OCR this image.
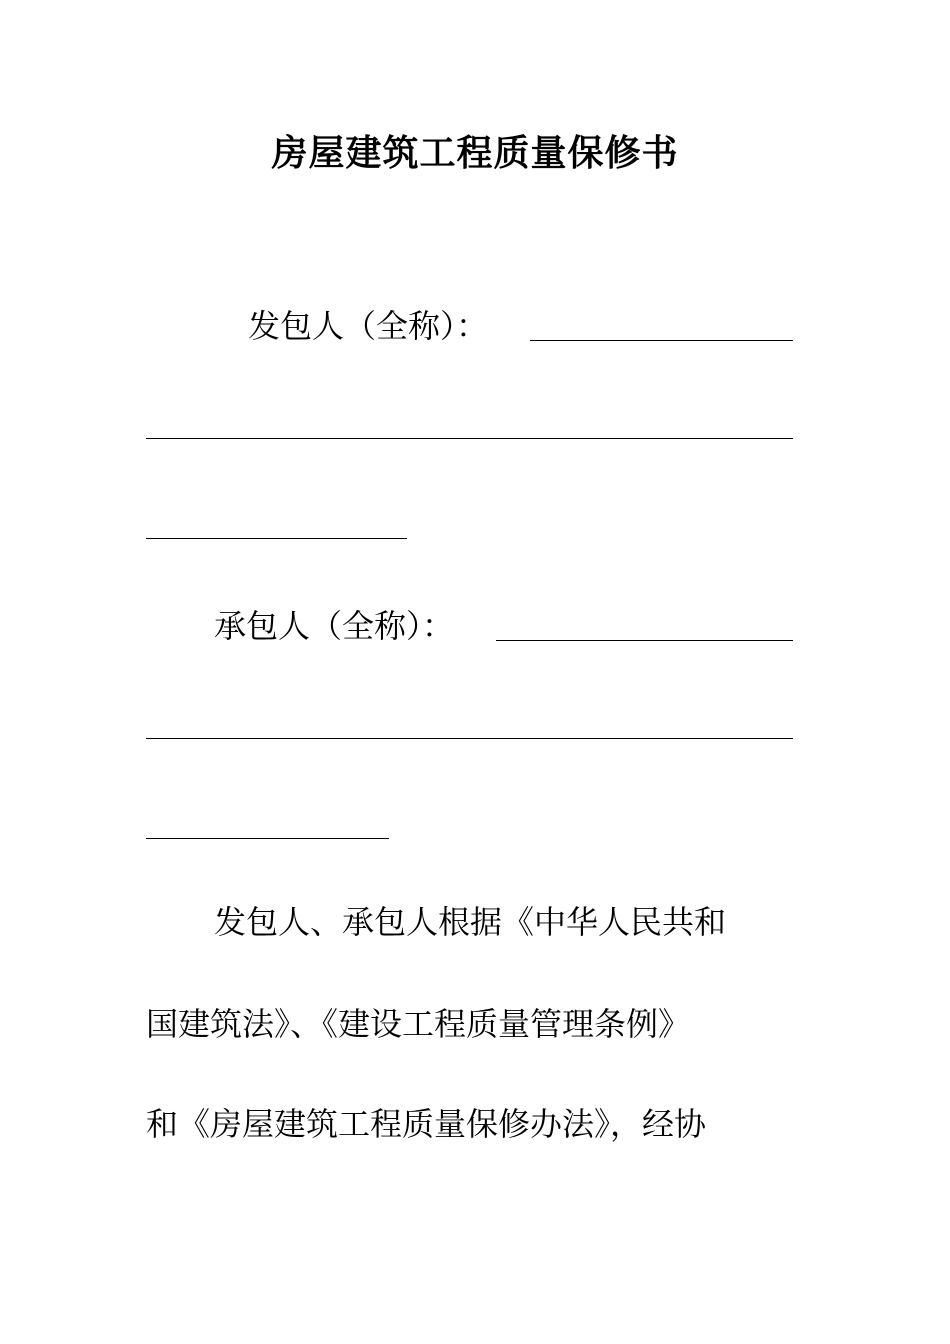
房屋建筑工程质量保修书
发包人（全称）：
承包人（全称）：
发包人、承包人根据《中华人民共和
国建筑法》、《建设工程质量管理条例》
和《房屋建筑工程质量保修办法》，经协
